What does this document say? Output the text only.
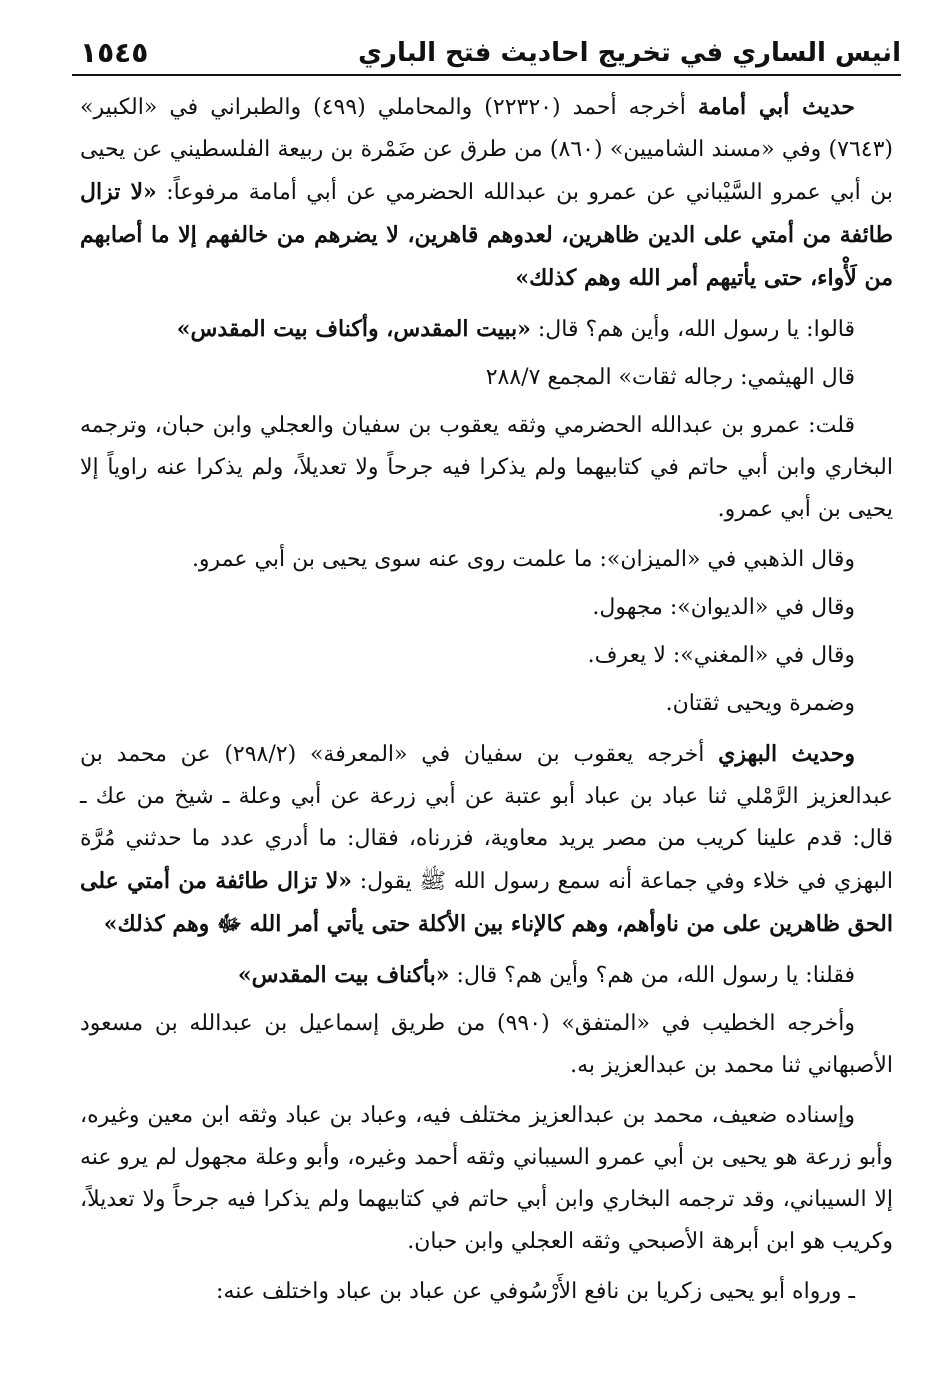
انيس الساري في تخريج احاديث فتح الباري
١٥٤٥

حديث أبي أمامة أخرجه أحمد (٢٢٣٢٠) والمحاملي (٤٩٩) والطبراني في «الكبير» (٧٦٤٣) وفي «مسند الشاميين» (٨٦٠) من طرق عن ضَمْرة بن ربيعة الفلسطيني عن يحيى بن أبي عمرو السَّيْباني عن عمرو بن عبدالله الحضرمي عن أبي أمامة مرفوعاً: «لا تزال طائفة من أمتي على الدين ظاهرين، لعدوهم قاهرين، لا يضرهم من خالفهم إلا ما أصابهم من لَأْواء، حتى يأتيهم أمر الله وهم كذلك»

قالوا: يا رسول الله، وأين هم؟ قال: «ببيت المقدس، وأكناف بيت المقدس»

قال الهيثمي: رجاله ثقات» المجمع ٢٨٨/٧

قلت: عمرو بن عبدالله الحضرمي وثقه يعقوب بن سفيان والعجلي وابن حبان، وترجمه البخاري وابن أبي حاتم في كتابيهما ولم يذكرا فيه جرحاً ولا تعديلاً، ولم يذكرا عنه راوياً إلا يحيى بن أبي عمرو.

وقال الذهبي في «الميزان»: ما علمت روى عنه سوى يحيى بن أبي عمرو.

وقال في «الديوان»: مجهول.

وقال في «المغني»: لا يعرف.

وضمرة ويحيى ثقتان.

وحديث البهزي أخرجه يعقوب بن سفيان في «المعرفة» (٢٩٨/٢) عن محمد بن عبدالعزيز الرَّمْلي ثنا عباد بن عباد أبو عتبة عن أبي زرعة عن أبي وعلة ـ شيخ من عك ـ قال: قدم علينا كريب من مصر يريد معاوية، فزرناه، فقال: ما أدري عدد ما حدثني مُرَّة البهزي في خلاء وفي جماعة أنه سمع رسول الله ﷺ يقول: «لا تزال طائفة من أمتي على الحق ظاهرين على من ناوأهم، وهم كالإناء بين الأكلة حتى يأتي أمر الله ﷻ وهم كذلك»

فقلنا: يا رسول الله، من هم؟ وأين هم؟ قال: «بأكناف بيت المقدس»

وأخرجه الخطيب في «المتفق» (٩٩٠) من طريق إسماعيل بن عبدالله بن مسعود الأصبهاني ثنا محمد بن عبدالعزيز به.

وإسناده ضعيف، محمد بن عبدالعزيز مختلف فيه، وعباد بن عباد وثقه ابن معين وغيره، وأبو زرعة هو يحيى بن أبي عمرو السيباني وثقه أحمد وغيره، وأبو وعلة مجهول لم يرو عنه إلا السيباني، وقد ترجمه البخاري وابن أبي حاتم في كتابيهما ولم يذكرا فيه جرحاً ولا تعديلاً، وكريب هو ابن أبرهة الأصبحي وثقه العجلي وابن حبان.

ـ ورواه أبو يحيى زكريا بن نافع الأَرْسُوفي عن عباد بن عباد واختلف عنه:
